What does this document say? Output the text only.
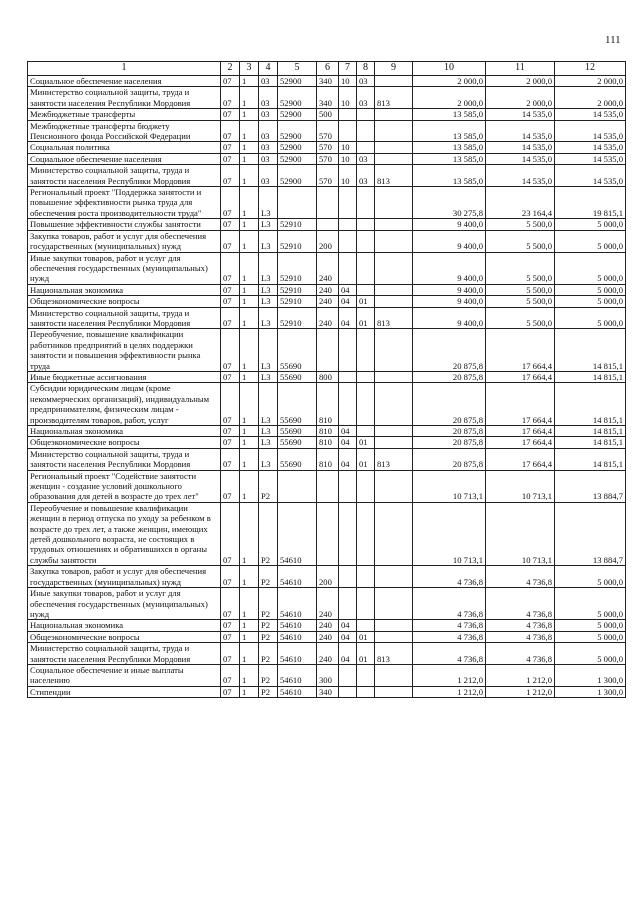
111
1	2	3	4	5	6	7	8	9	10	11	12
Социальное обеспечение населения	07	1	03	52900	340	10	03		2 000,0	2 000,0	2 000,0
Министерство социальной защиты, труда и занятости населения Республики Мордовия	07	1	03	52900	340	10	03	813	2 000,0	2 000,0	2 000,0
Межбюджетные трансферты	07	1	03	52900	500				13 585,0	14 535,0	14 535,0
Межбюджетные трансферты бюджету Пенсионного фонда Российской Федерации	07	1	03	52900	570				13 585,0	14 535,0	14 535,0
Социальная политика	07	1	03	52900	570	10			13 585,0	14 535,0	14 535,0
Социальное обеспечение населения	07	1	03	52900	570	10	03		13 585,0	14 535,0	14 535,0
Министерство социальной защиты, труда и занятости населения Республики Мордовия	07	1	03	52900	570	10	03	813	13 585,0	14 535,0	14 535,0
Региональный проект "Поддержка занятости и повышение эффективности рынка труда для обеспечения роста производительности труда"	07	1	L3						30 275,8	23 164,4	19 815,1
Повышение эффективности службы занятости	07	1	L3	52910					9 400,0	5 500,0	5 000,0
Закупка товаров, работ и услуг для обеспечения государственных (муниципальных) нужд	07	1	L3	52910	200				9 400,0	5 500,0	5 000,0
Иные закупки товаров, работ и услуг для обеспечения государственных (муниципальных) нужд	07	1	L3	52910	240				9 400,0	5 500,0	5 000,0
Национальная экономика	07	1	L3	52910	240	04			9 400,0	5 500,0	5 000,0
Общеэкономические вопросы	07	1	L3	52910	240	04	01		9 400,0	5 500,0	5 000,0
Министерство социальной защиты, труда и занятости населения Республики Мордовия	07	1	L3	52910	240	04	01	813	9 400,0	5 500,0	5 000,0
Переобучение, повышение квалификации работников предприятий в целях поддержки занятости и повышения эффективности рынка труда	07	1	L3	55690					20 875,8	17 664,4	14 815,1
Иные бюджетные ассигнования	07	1	L3	55690	800				20 875,8	17 664,4	14 815,1
Субсидии юридическим лицам (кроме некоммерческих организаций), индивидуальным предпринимателям, физическим лицам - производителям товаров, работ, услуг	07	1	L3	55690	810				20 875,8	17 664,4	14 815,1
Национальная экономика	07	1	L3	55690	810	04			20 875,8	17 664,4	14 815,1
Общеэкономические вопросы	07	1	L3	55690	810	04	01		20 875,8	17 664,4	14 815,1
Министерство социальной защиты, труда и занятости населения Республики Мордовия	07	1	L3	55690	810	04	01	813	20 875,8	17 664,4	14 815,1
Региональный проект "Содействие занятости женщин - создание условий дошкольного образования для детей в возрасте до трех лет"	07	1	P2						10 713,1	10 713,1	13 884,7
Переобучение и повышение квалификации женщин в период отпуска по уходу за ребенком в возрасте до трех лет, а также женщин, имеющих детей дошкольного возраста, не состоящих в трудовых отношениях и обратившихся в органы службы занятости	07	1	P2	54610					10 713,1	10 713,1	13 884,7
Закупка товаров, работ и услуг для обеспечения государственных (муниципальных) нужд	07	1	P2	54610	200				4 736,8	4 736,8	5 000,0
Иные закупки товаров, работ и услуг для обеспечения государственных (муниципальных) нужд	07	1	P2	54610	240				4 736,8	4 736,8	5 000,0
Национальная экономика	07	1	P2	54610	240	04			4 736,8	4 736,8	5 000,0
Общеэкономические вопросы	07	1	P2	54610	240	04	01		4 736,8	4 736,8	5 000,0
Министерство социальной защиты, труда и занятости населения Республики Мордовия	07	1	P2	54610	240	04	01	813	4 736,8	4 736,8	5 000,0
Социальное обеспечение и иные выплаты населению	07	1	P2	54610	300				1 212,0	1 212,0	1 300,0
Стипендии	07	1	P2	54610	340				1 212,0	1 212,0	1 300,0
